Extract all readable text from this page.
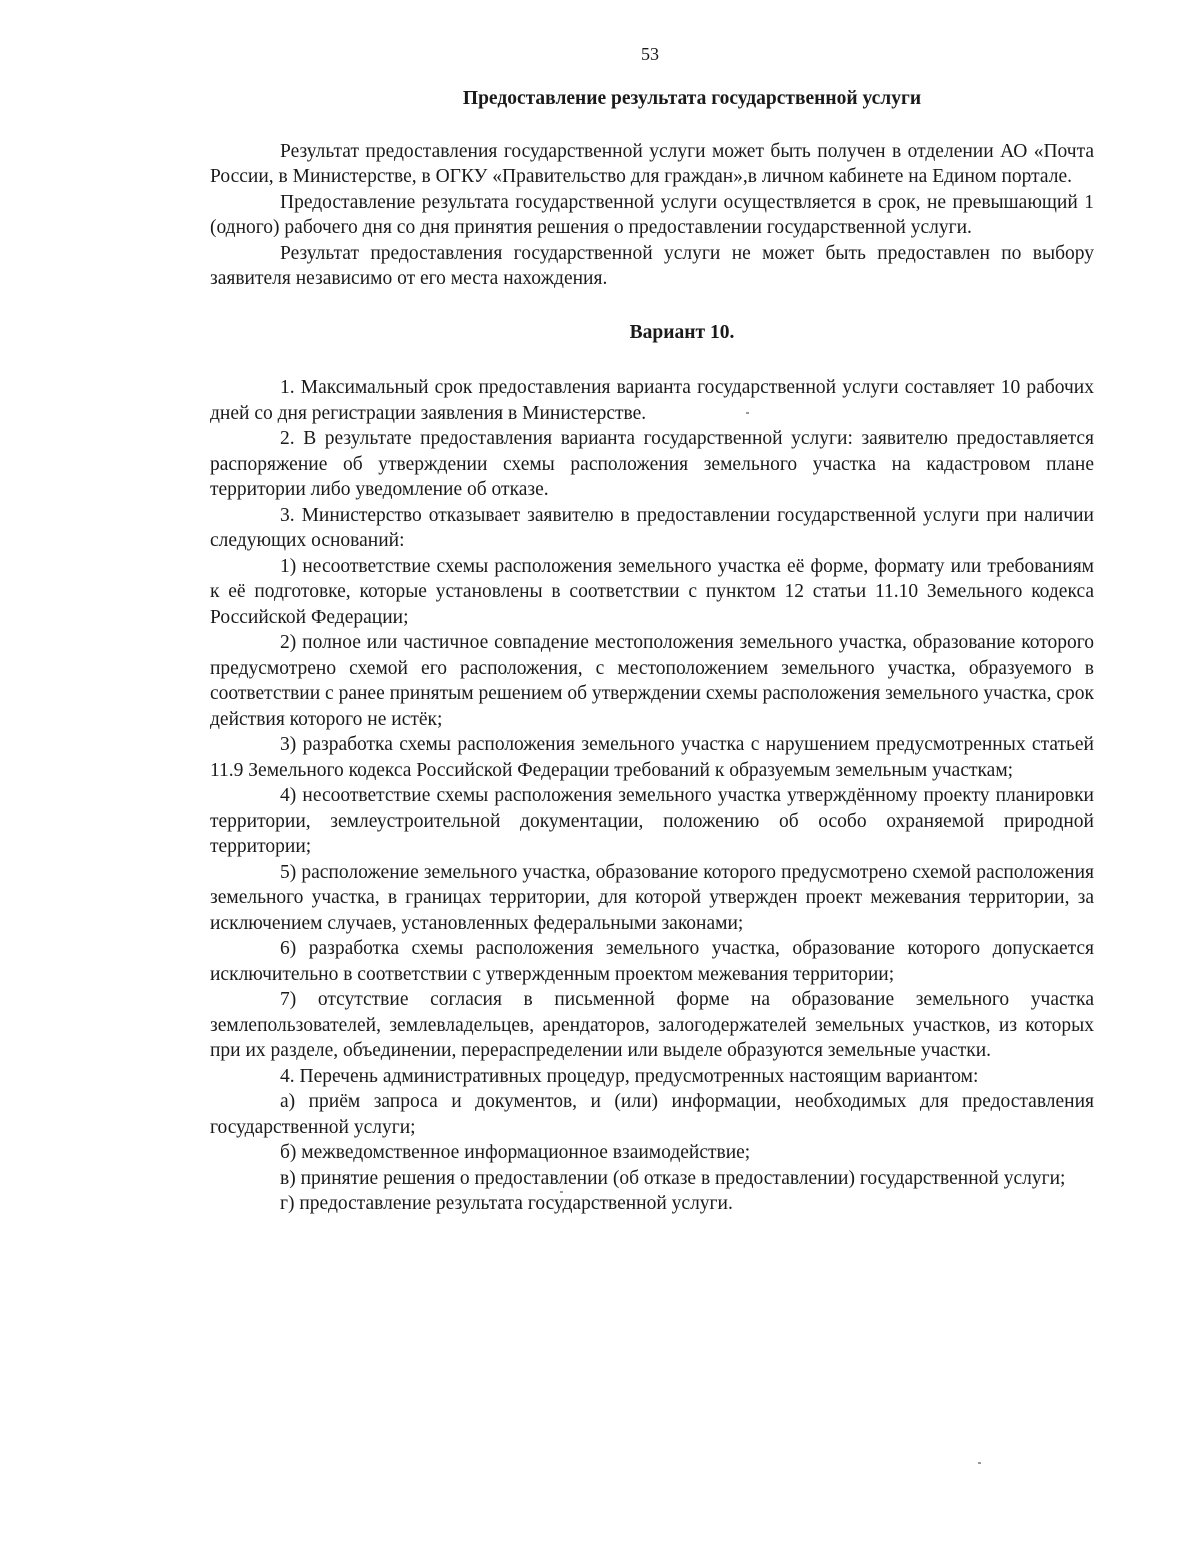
53
Предоставление результата государственной услуги

Результат предоставления государственной услуги может быть получен в отделении АО «Почта России, в Министерстве, в ОГКУ «Правительство для граждан»,в личном кабинете на Едином портале.

Предоставление результата государственной услуги осуществляется в срок, не превышающий 1 (одного) рабочего дня со дня принятия решения о предоставлении государственной услуги.

Результат предоставления государственной услуги не может быть предоставлен по выбору заявителя независимо от его места нахождения.

Вариант 10.

1. Максимальный срок предоставления варианта государственной услуги составляет 10 рабочих дней со дня регистрации заявления в Министерстве.

2. В результате предоставления варианта государственной услуги: заявителю предоставляется распоряжение об утверждении схемы расположения земельного участка на кадастровом плане территории либо уведомление об отказе.

3. Министерство отказывает заявителю в предоставлении государственной услуги при наличии следующих оснований:

1) несоответствие схемы расположения земельного участка её форме, формату или требованиям к её подготовке, которые установлены в соответствии с пунктом 12 статьи 11.10 Земельного кодекса Российской Федерации;

2) полное или частичное совпадение местоположения земельного участка, образование которого предусмотрено схемой его расположения, с местоположением земельного участка, образуемого в соответствии с ранее принятым решением об утверждении схемы расположения земельного участка, срок действия которого не истёк;

3) разработка схемы расположения земельного участка с нарушением предусмотренных статьей 11.9 Земельного кодекса Российской Федерации требований к образуемым земельным участкам;

4) несоответствие схемы расположения земельного участка утверждённому проекту планировки территории, землеустроительной документации, положению об особо охраняемой природной территории;

5) расположение земельного участка, образование которого предусмотрено схемой расположения земельного участка, в границах территории, для которой утвержден проект межевания территории, за исключением случаев, установленных федеральными законами;

6) разработка схемы расположения земельного участка, образование которого допускается исключительно в соответствии с утвержденным проектом межевания территории;

7) отсутствие согласия в письменной форме на образование земельного участка землепользователей, землевладельцев, арендаторов, залогодержателей земельных участков, из которых при их разделе, объединении, перераспределении или выделе образуются земельные участки.

4. Перечень административных процедур, предусмотренных настоящим вариантом:

а) приём запроса и документов, и (или) информации, необходимых для предоставления государственной услуги;

б) межведомственное информационное взаимодействие;

в) принятие решения о предоставлении (об отказе в предоставлении) государственной услуги;

г) предоставление результата государственной услуги.
